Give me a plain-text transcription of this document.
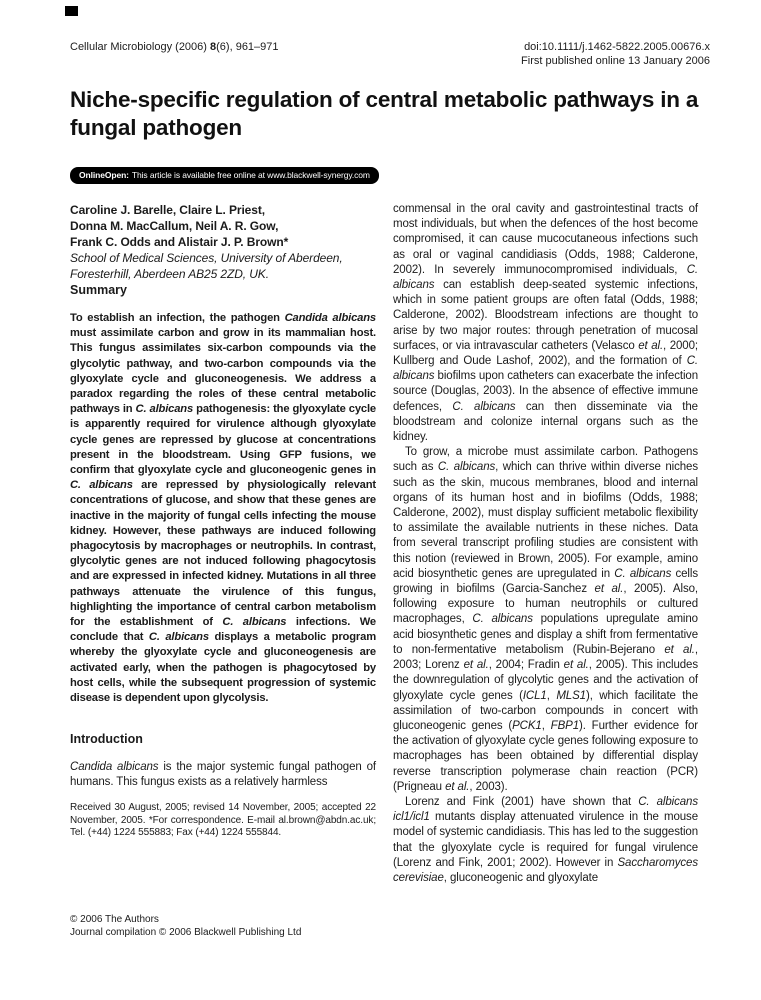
Cellular Microbiology (2006) 8(6), 961–971	doi:10.1111/j.1462-5822.2005.00676.x
First published online 13 January 2006
Niche-specific regulation of central metabolic pathways in a fungal pathogen
OnlineOpen: This article is available free online at www.blackwell-synergy.com
Caroline J. Barelle, Claire L. Priest,
Donna M. MacCallum, Neil A. R. Gow,
Frank C. Odds and Alistair J. P. Brown*
School of Medical Sciences, University of Aberdeen, Foresterhill, Aberdeen AB25 2ZD, UK.
Summary

To establish an infection, the pathogen Candida albicans must assimilate carbon and grow in its mammalian host. This fungus assimilates six-carbon compounds via the glycolytic pathway, and two-carbon compounds via the glyoxylate cycle and gluconeogenesis. We address a paradox regarding the roles of these central metabolic pathways in C. albicans pathogenesis: the glyoxylate cycle is apparently required for virulence although glyoxylate cycle genes are repressed by glucose at concentrations present in the bloodstream. Using GFP fusions, we confirm that glyoxylate cycle and gluconeogenic genes in C. albicans are repressed by physiologically relevant concentrations of glucose, and show that these genes are inactive in the majority of fungal cells infecting the mouse kidney. However, these pathways are induced following phagocytosis by macrophages or neutrophils. In contrast, glycolytic genes are not induced following phagocytosis and are expressed in infected kidney. Mutations in all three pathways attenuate the virulence of this fungus, highlighting the importance of central carbon metabolism for the establishment of C. albicans infections. We conclude that C. albicans displays a metabolic program whereby the glyoxylate cycle and gluconeogenesis are activated early, when the pathogen is phagocytosed by host cells, while the subsequent progression of systemic disease is dependent upon glycolysis.

Introduction

Candida albicans is the major systemic fungal pathogen of humans. This fungus exists as a relatively harmless

Received 30 August, 2005; revised 14 November, 2005; accepted 22 November, 2005. *For correspondence. E-mail al.brown@abdn.ac.uk; Tel. (+44) 1224 555883; Fax (+44) 1224 555844.

commensal in the oral cavity and gastrointestinal tracts of most individuals, but when the defences of the host become compromised, it can cause mucocutaneous infections such as oral or vaginal candidiasis (Odds, 1988; Calderone, 2002). In severely immunocompromised individuals, C. albicans can establish deep-seated systemic infections, which in some patient groups are often fatal (Odds, 1988; Calderone, 2002). Bloodstream infections are thought to arise by two major routes: through penetration of mucosal surfaces, or via intravascular catheters (Velasco et al., 2000; Kullberg and Oude Lashof, 2002), and the formation of C. albicans biofilms upon catheters can exacerbate the infection source (Douglas, 2003). In the absence of effective immune defences, C. albicans can then disseminate via the bloodstream and colonize internal organs such as the kidney.

To grow, a microbe must assimilate carbon. Pathogens such as C. albicans, which can thrive within diverse niches such as the skin, mucous membranes, blood and internal organs of its human host and in biofilms (Odds, 1988; Calderone, 2002), must display sufficient metabolic flexibility to assimilate the available nutrients in these niches. Data from several transcript profiling studies are consistent with this notion (reviewed in Brown, 2005). For example, amino acid biosynthetic genes are upregulated in C. albicans cells growing in biofilms (Garcia-Sanchez et al., 2005). Also, following exposure to human neutrophils or cultured macrophages, C. albicans populations upregulate amino acid biosynthetic genes and display a shift from fermentative to non-fermentative metabolism (Rubin-Bejerano et al., 2003; Lorenz et al., 2004; Fradin et al., 2005). This includes the downregulation of glycolytic genes and the activation of glyoxylate cycle genes (ICL1, MLS1), which facilitate the assimilation of two-carbon compounds in concert with gluconeogenic genes (PCK1, FBP1). Further evidence for the activation of glyoxylate cycle genes following exposure to macrophages has been obtained by differential display reverse transcription polymerase chain reaction (PCR) (Prigneau et al., 2003).

Lorenz and Fink (2001) have shown that C. albicans icl1/icl1 mutants display attenuated virulence in the mouse model of systemic candidiasis. This has led to the suggestion that the glyoxylate cycle is required for fungal virulence (Lorenz and Fink, 2001; 2002). However in Saccharomyces cerevisiae, gluconeogenic and glyoxylate

© 2006 The Authors
Journal compilation © 2006 Blackwell Publishing Ltd
